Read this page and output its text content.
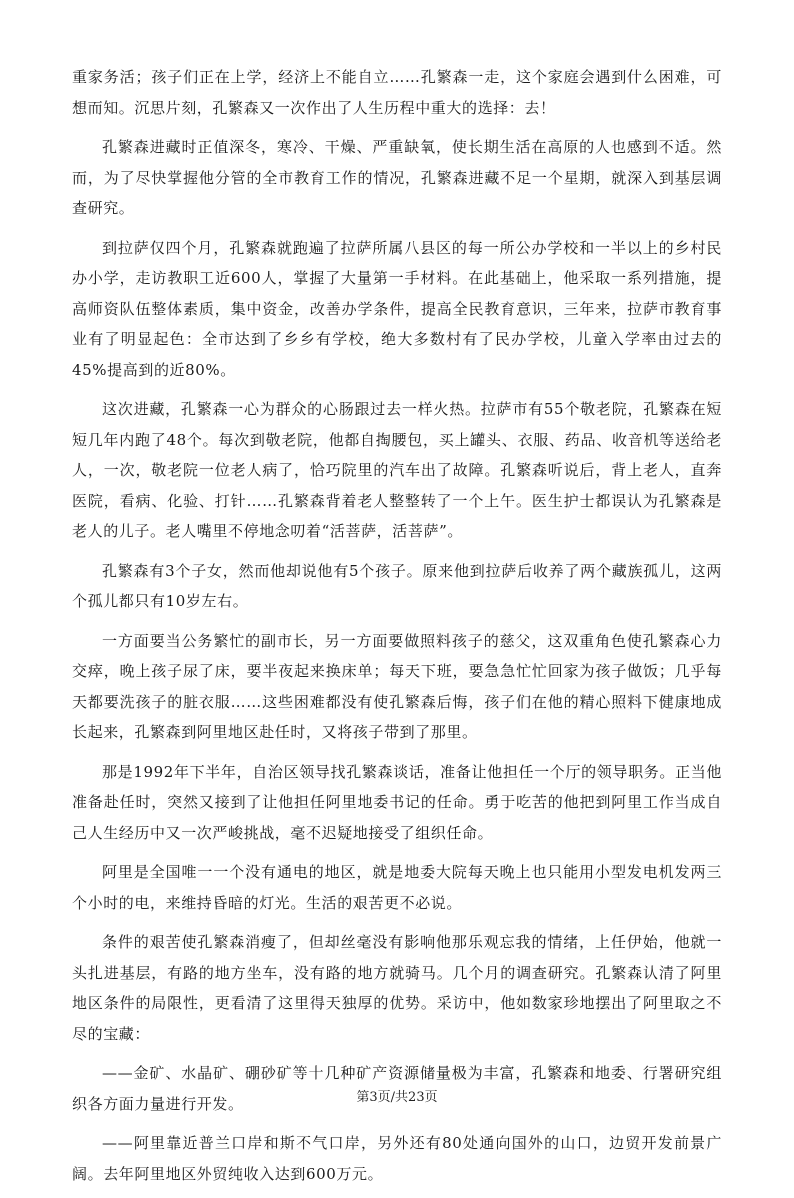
重家务活；孩子们正在上学，经济上不能自立……孔繁森一走，这个家庭会遇到什么困难，可想而知。沉思片刻，孔繁森又一次作出了人生历程中重大的选择：去！

孔繁森进藏时正值深冬，寒冷、干燥、严重缺氧，使长期生活在高原的人也感到不适。然而，为了尽快掌握他分管的全市教育工作的情况，孔繁森进藏不足一个星期，就深入到基层调查研究。

到拉萨仅四个月，孔繁森就跑遍了拉萨所属八县区的每一所公办学校和一半以上的乡村民办小学，走访教职工近600人，掌握了大量第一手材料。在此基础上，他采取一系列措施，提高师资队伍整体素质，集中资金，改善办学条件，提高全民教育意识，三年来，拉萨市教育事业有了明显起色：全市达到了乡乡有学校，绝大多数村有了民办学校，儿童入学率由过去的45%提高到的近80%。

这次进藏，孔繁森一心为群众的心肠跟过去一样火热。拉萨市有55个敬老院，孔繁森在短短几年内跑了48个。每次到敬老院，他都自掏腰包，买上罐头、衣服、药品、收音机等送给老人，一次，敬老院一位老人病了，恰巧院里的汽车出了故障。孔繁森听说后，背上老人，直奔医院，看病、化验、打针……孔繁森背着老人整整转了一个上午。医生护士都误认为孔繁森是老人的儿子。老人嘴里不停地念叨着“活菩萨，活菩萨”。

孔繁森有3个子女，然而他却说他有5个孩子。原来他到拉萨后收养了两个藏族孤儿，这两个孤儿都只有10岁左右。

一方面要当公务繁忙的副市长，另一方面要做照料孩子的慈父，这双重角色使孔繁森心力交瘁，晚上孩子尿了床，要半夜起来换床单；每天下班，要急急忙忙回家为孩子做饭；几乎每天都要洗孩子的脏衣服……这些困难都没有使孔繁森后悔，孩子们在他的精心照料下健康地成长起来，孔繁森到阿里地区赴任时，又将孩子带到了那里。

那是1992年下半年，自治区领导找孔繁森谈话，准备让他担任一个厅的领导职务。正当他准备赴任时，突然又接到了让他担任阿里地委书记的任命。勇于吃苦的他把到阿里工作当成自己人生经历中又一次严峻挑战，毫不迟疑地接受了组织任命。

阿里是全国唯一一个没有通电的地区，就是地委大院每天晚上也只能用小型发电机发两三个小时的电，来维持昏暗的灯光。生活的艰苦更不必说。

条件的艰苦使孔繁森消瘦了，但却丝毫没有影响他那乐观忘我的情绪，上任伊始，他就一头扎进基层，有路的地方坐车，没有路的地方就骑马。几个月的调查研究。孔繁森认清了阿里地区条件的局限性，更看清了这里得天独厚的优势。采访中，他如数家珍地摆出了阿里取之不尽的宝藏：

——金矿、水晶矿、硼砂矿等十几种矿产资源储量极为丰富，孔繁森和地委、行署研究组织各方面力量进行开发。

——阿里靠近普兰口岸和斯不气口岸，另外还有80处通向国外的山口，边贸开发前景广阔。去年阿里地区外贸纯收入达到600万元。

第3页/共23页
